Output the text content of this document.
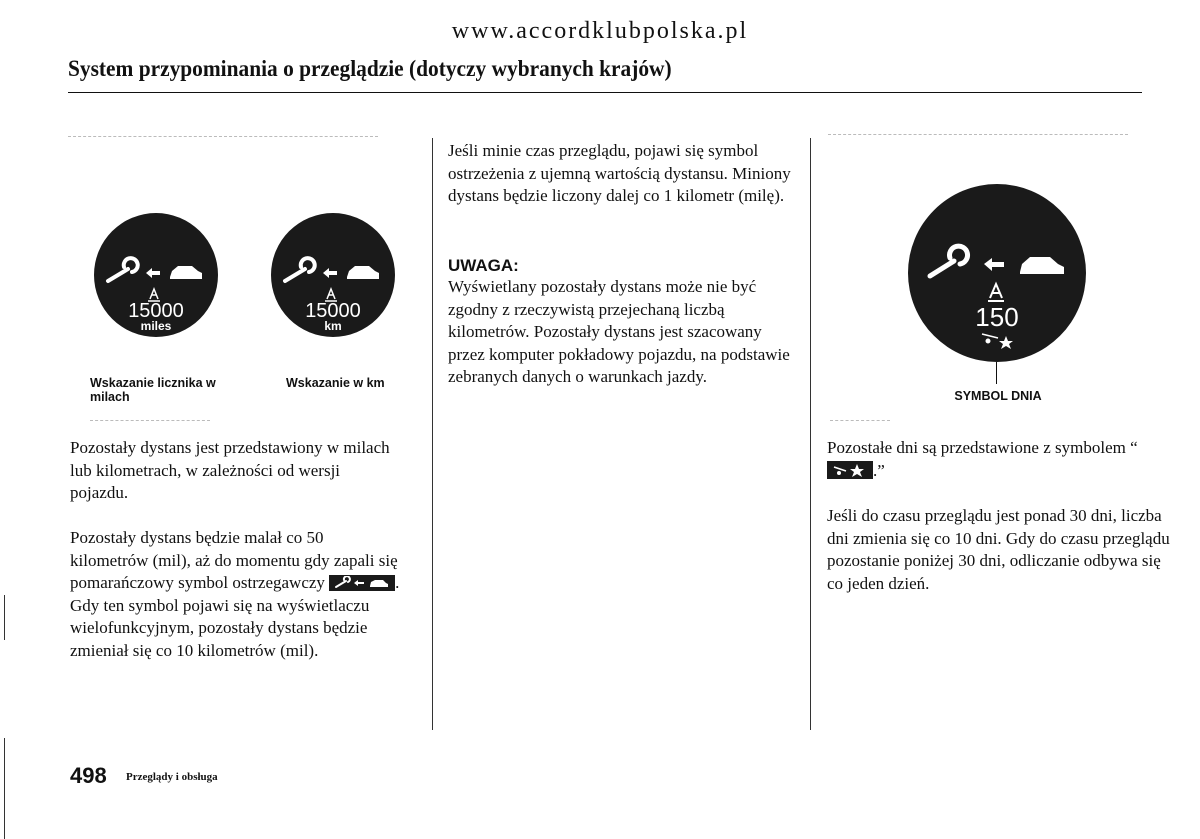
www.accordklubpolska.pl
System przypominania o przeglądzie (dotyczy wybranych krajów)
15000
miles
15000
km
Wskazanie licznika w milach
Wskazanie w km
Pozostały dystans jest przedstawiony w milach lub kilometrach, w zależności od wersji pojazdu.
Pozostały dystans będzie malał co 50 kilometrów (mil), aż do momentu gdy zapali się pomarańczowy symbol ostrzegawczy	. Gdy ten symbol pojawi się na wyświetlaczu wielofunkcyjnym, pozostały dystans będzie zmieniał się co 10 kilometrów (mil).
Jeśli minie czas przeglądu, pojawi się symbol ostrzeżenia z ujemną wartością dystansu. Miniony dystans będzie liczony dalej co 1 kilometr (milę).
UWAGA:
Wyświetlany pozostały dystans może nie być zgodny z rzeczywistą przejechaną liczbą kilometrów. Pozostały dystans jest szacowany przez komputer pokładowy pojazdu, na podstawie zebranych danych o warunkach jazdy.
150
SYMBOL DNIA
Pozostałe dni są przedstawione z symbolem “
.”
Jeśli do czasu przeglądu jest ponad 30 dni, liczba dni zmienia się co 10 dni. Gdy do czasu przeglądu pozostanie poniżej 30 dni, odliczanie odbywa się co jeden dzień.
498 Przeglądy i obsługa
